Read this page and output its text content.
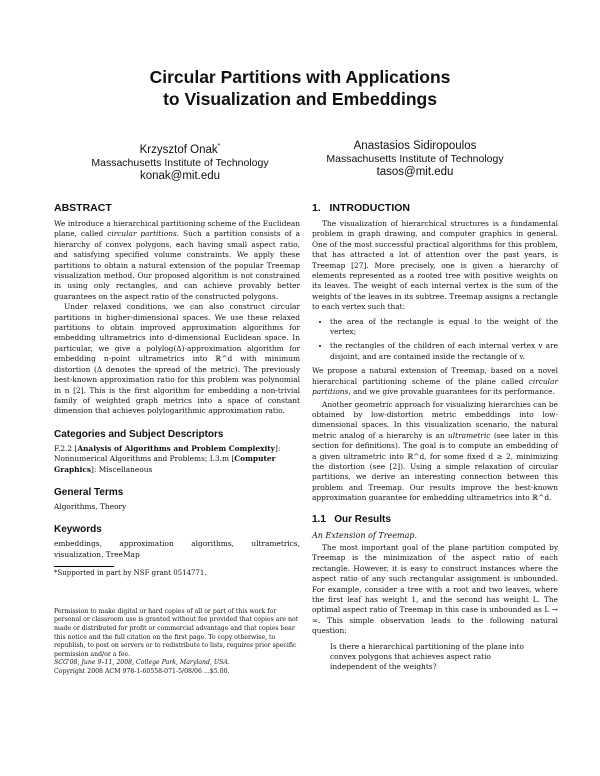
Circular Partitions with Applications
to Visualization and Embeddings
Krzysztof Onak*
Massachusetts Institute of Technology
konak@mit.edu
Anastasios Sidiropoulos
Massachusetts Institute of Technology
tasos@mit.edu
ABSTRACT

We introduce a hierarchical partitioning scheme of the Euclidean plane, called circular partitions. Such a partition consists of a hierarchy of convex polygons, each having small aspect ratio, and satisfying specified volume constraints. We apply these partitions to obtain a natural extension of the popular Treemap visualization method. Our proposed algorithm is not constrained in using only rectangles, and can achieve provably better guarantees on the aspect ratio of the constructed polygons.

Under relaxed conditions, we can also construct circular partitions in higher-dimensional spaces. We use these relaxed partitions to obtain improved approximation algorithms for embedding ultrametrics into d-dimensional Euclidean space. In particular, we give a polylog(Δ)-approximation algorithm for embedding n-point ultrametrics into ℝ^d with minimum distortion (Δ denotes the spread of the metric). The previously best-known approximation ratio for this problem was polynomial in n [2]. This is the first algorithm for embedding a non-trivial family of weighted graph metrics into a space of constant dimension that achieves polylogarithmic approximation ratio.

Categories and Subject Descriptors

F.2.2 [Analysis of Algorithms and Problem Complexity]: Nonnumerical Algorithms and Problems; I.3.m [Computer Graphics]: Miscellaneous

General Terms

Algorithms, Theory

Keywords

embeddings, approximation algorithms, ultrametrics, visualization, TreeMap

*Supported in part by NSF grant 0514771.
Permission to make digital or hard copies of all or part of this work for personal or classroom use is granted without fee provided that copies are not made or distributed for profit or commercial advantage and that copies bear this notice and the full citation on the first page. To copy otherwise, to republish, to post on servers or to redistribute to lists, requires prior specific permission and/or a fee.
SCG'08, June 9–11, 2008, College Park, Maryland, USA.
Copyright 2008 ACM 978-1-60558-071-5/08/06 ...$5.00.
1.   INTRODUCTION

The visualization of hierarchical structures is a fundamental problem in graph drawing, and computer graphics in general. One of the most successful practical algorithms for this problem, that has attracted a lot of attention over the past years, is Treemap [27]. More precisely, one is given a hierarchy of elements represented as a rooted tree with positive weights on its leaves. The weight of each internal vertex is the sum of the weights of the leaves in its subtree. Treemap assigns a rectangle to each vertex such that:

• the area of the rectangle is equal to the weight of the vertex;
• the rectangles of the children of each internal vertex v are disjoint, and are contained inside the rectangle of v.

We propose a natural extension of Treemap, based on a novel hierarchical partitioning scheme of the plane called circular partitions, and we give provable guarantees for its performance.

Another geometric approach for visualizing hierarchies can be obtained by low-distortion metric embeddings into low-dimensional spaces. In this visualization scenario, the natural metric analog of a hierarchy is an ultrametric (see later in this section for definitions). The goal is to compute an embedding of a given ultrametric into ℝ^d, for some fixed d ≥ 2, minimizing the distortion (see [2]). Using a simple relaxation of circular partitions, we derive an interesting connection between this problem and Treemap. Our results improve the best-known approximation guarantee for embedding ultrametrics into ℝ^d.

1.1   Our Results
An Extension of Treemap.

The most important goal of the plane partition computed by Treemap is the minimization of the aspect ratio of each rectangle. However, it is easy to construct instances where the aspect ratio of any such rectangular assignment is unbounded. For example, consider a tree with a root and two leaves, where the first leaf has weight 1, and the second has weight L. The optimal aspect ratio of Treemap in this case is unbounded as L → ∞. This simple observation leads to the following natural question:

Is there a hierarchical partitioning of the plane into convex polygons that achieves aspect ratio independent of the weights?
